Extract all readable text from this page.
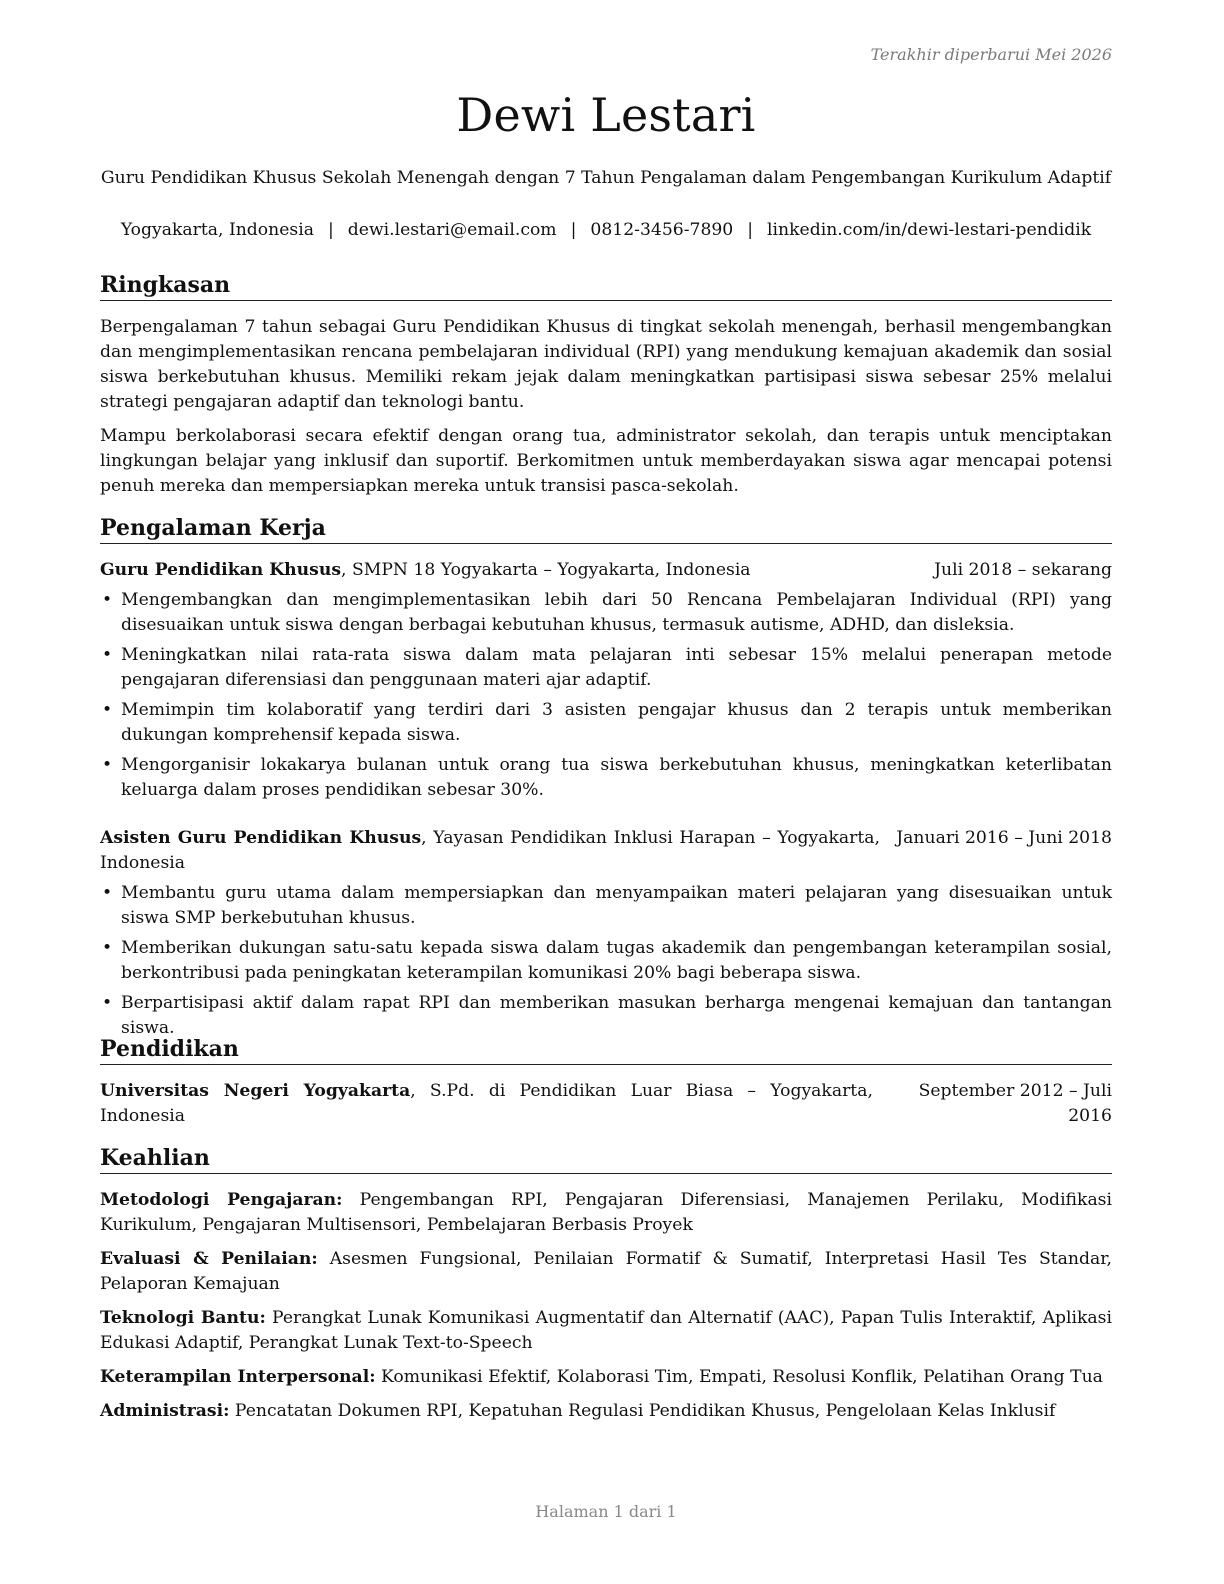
Terakhir diperbarui Mei 2026
Dewi Lestari
Guru Pendidikan Khusus Sekolah Menengah dengan 7 Tahun Pengalaman dalam Pengembangan Kurikulum Adaptif
Yogyakarta, Indonesia | dewi.lestari@email.com | 0812-3456-7890 | linkedin.com/in/dewi-lestari-pendidik
Ringkasan

Berpengalaman 7 tahun sebagai Guru Pendidikan Khusus di tingkat sekolah menengah, berhasil mengembangkan dan mengimplementasikan rencana pembelajaran individual (RPI) yang mendukung kemajuan akademik dan sosial siswa berkebutuhan khusus. Memiliki rekam jejak dalam meningkatkan partisipasi siswa sebesar 25% melalui strategi pengajaran adaptif dan teknologi bantu.

Mampu berkolaborasi secara efektif dengan orang tua, administrator sekolah, dan terapis untuk menciptakan lingkungan belajar yang inklusif dan suportif. Berkomitmen untuk memberdayakan siswa agar mencapai potensi penuh mereka dan mempersiapkan mereka untuk transisi pasca-sekolah.

Pengalaman Kerja
Guru Pendidikan Khusus, SMPN 18 Yogyakarta – Yogyakarta, Indonesia	Juli 2018 – sekarang
• Mengembangkan dan mengimplementasikan lebih dari 50 Rencana Pembelajaran Individual (RPI) yang disesuaikan untuk siswa dengan berbagai kebutuhan khusus, termasuk autisme, ADHD, dan disleksia.
• Meningkatkan nilai rata-rata siswa dalam mata pelajaran inti sebesar 15% melalui penerapan metode pengajaran diferensiasi dan penggunaan materi ajar adaptif.
• Memimpin tim kolaboratif yang terdiri dari 3 asisten pengajar khusus dan 2 terapis untuk memberikan dukungan komprehensif kepada siswa.
• Mengorganisir lokakarya bulanan untuk orang tua siswa berkebutuhan khusus, meningkatkan keterlibatan keluarga dalam proses pendidikan sebesar 30%.
Asisten Guru Pendidikan Khusus, Yayasan Pendidikan Inklusi Harapan – Yogyakarta, Indonesia
Januari 2016 – Juni 2018
• Membantu guru utama dalam mempersiapkan dan menyampaikan materi pelajaran yang disesuaikan untuk siswa SMP berkebutuhan khusus.
• Memberikan dukungan satu-satu kepada siswa dalam tugas akademik dan pengembangan keterampilan sosial, berkontribusi pada peningkatan keterampilan komunikasi 20% bagi beberapa siswa.
• Berpartisipasi aktif dalam rapat RPI dan memberikan masukan berharga mengenai kemajuan dan tantangan siswa.
Pendidikan
Universitas Negeri Yogyakarta, S.Pd. di Pendidikan Luar Biasa – Yogyakarta, Indonesia
September 2012 – Juli 2016
Keahlian

Metodologi Pengajaran: Pengembangan RPI, Pengajaran Diferensiasi, Manajemen Perilaku, Modifikasi Kurikulum, Pengajaran Multisensori, Pembelajaran Berbasis Proyek

Evaluasi & Penilaian: Asesmen Fungsional, Penilaian Formatif & Sumatif, Interpretasi Hasil Tes Standar, Pelaporan Kemajuan

Teknologi Bantu: Perangkat Lunak Komunikasi Augmentatif dan Alternatif (AAC), Papan Tulis Interaktif, Aplikasi Edukasi Adaptif, Perangkat Lunak Text-to-Speech

Keterampilan Interpersonal: Komunikasi Efektif, Kolaborasi Tim, Empati, Resolusi Konflik, Pelatihan Orang Tua

Administrasi: Pencatatan Dokumen RPI, Kepatuhan Regulasi Pendidikan Khusus, Pengelolaan Kelas Inklusif

Halaman 1 dari 1
